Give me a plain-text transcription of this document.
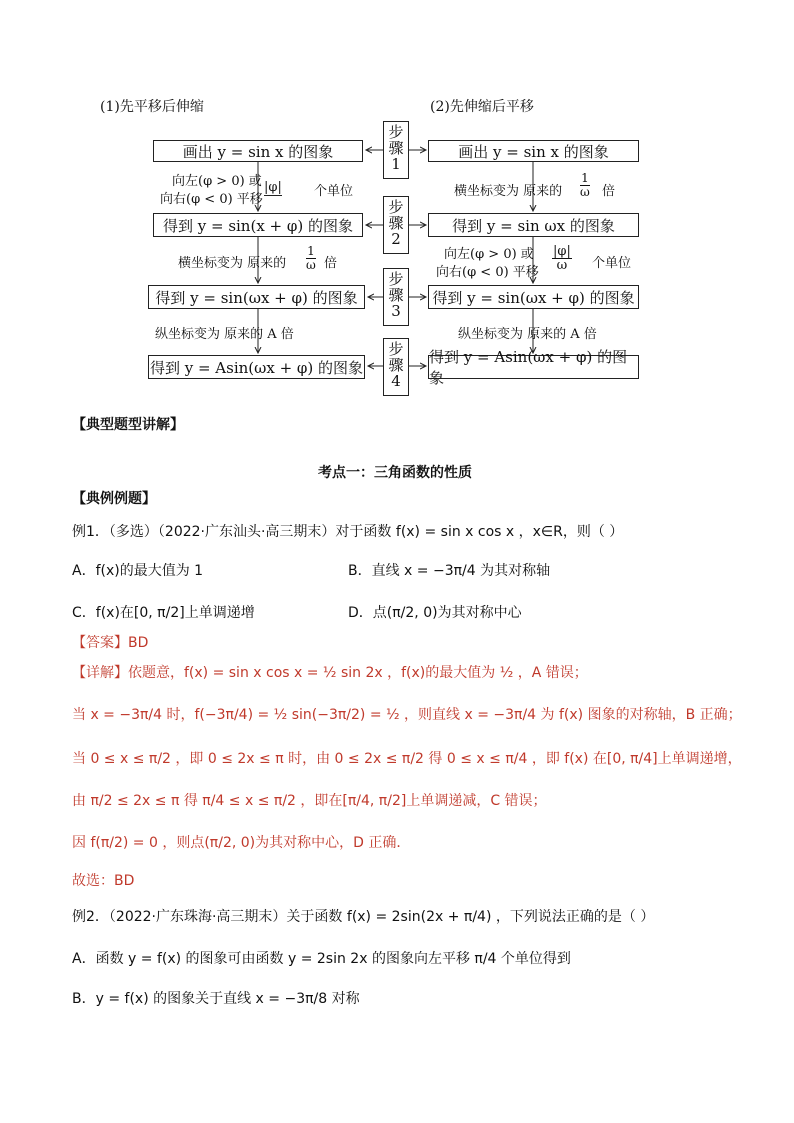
(1)先平移后伸缩	(2)先伸缩后平移
步
骤
1
步
骤
2
步
骤
3
步
骤
4
画出 y = sin x 的图象
得到 y = sin(x + φ) 的图象
得到 y = sin(ωx + φ) 的图象
得到 y = Asin(ωx + φ) 的图象
画出 y = sin x 的图象
得到 y = sin ωx 的图象
得到 y = sin(ωx + φ) 的图象
得到 y = Asin(ωx + φ) 的图象
向左(φ > 0) 或
向右(φ < 0) 平移
|φ| 个单位
横坐标变为 原来的 $\frac{1}{\omega}$ 倍
纵坐标变为 原来的 A 倍
横坐标变为 原来的 $\frac{1}{\omega}$ 倍
向左(φ > 0) 或
向右(φ < 0) 平移
$\frac{|\varphi|}{\omega}$ 个单位
纵坐标变为 原来的 A 倍
【典型题型讲解】
考点一：三角函数的性质
【典例例题】
例1．（多选）（2022·广东汕头·高三期末）对于函数 f(x) = sin x cos x ，x∈R，则（ ）
A．f(x)的最大值为 1	B．直线 x = −3π/4 为其对称轴
C．f(x)在[0, π/2]上单调递增	D．点(π/2, 0)为其对称中心
【答案】BD
【详解】依题意，f(x) = sin x cos x = ½ sin 2x ，f(x)的最大值为 ½ ，A 错误；
当 x = −3π/4 时，f(−3π/4) = ½ sin(−3π/2) = ½ ，则直线 x = −3π/4 为 f(x) 图象的对称轴，B 正确；
当 0 ≤ x ≤ π/2 ，即 0 ≤ 2x ≤ π 时，由 0 ≤ 2x ≤ π/2 得 0 ≤ x ≤ π/4 ，即 f(x) 在[0, π/4]上单调递增，
由 π/2 ≤ 2x ≤ π 得 π/4 ≤ x ≤ π/2 ，即在[π/4, π/2]上单调递减，C 错误；
因 f(π/2) = 0 ，则点(π/2, 0)为其对称中心，D 正确．
故选：BD
例2．（2022·广东珠海·高三期末）关于函数 f(x) = 2sin(2x + π/4) ，下列说法正确的是（ ）
A．函数 y = f(x) 的图象可由函数 y = 2sin 2x 的图象向左平移 π/4 个单位得到
B．y = f(x) 的图象关于直线 x = −3π/8 对称
